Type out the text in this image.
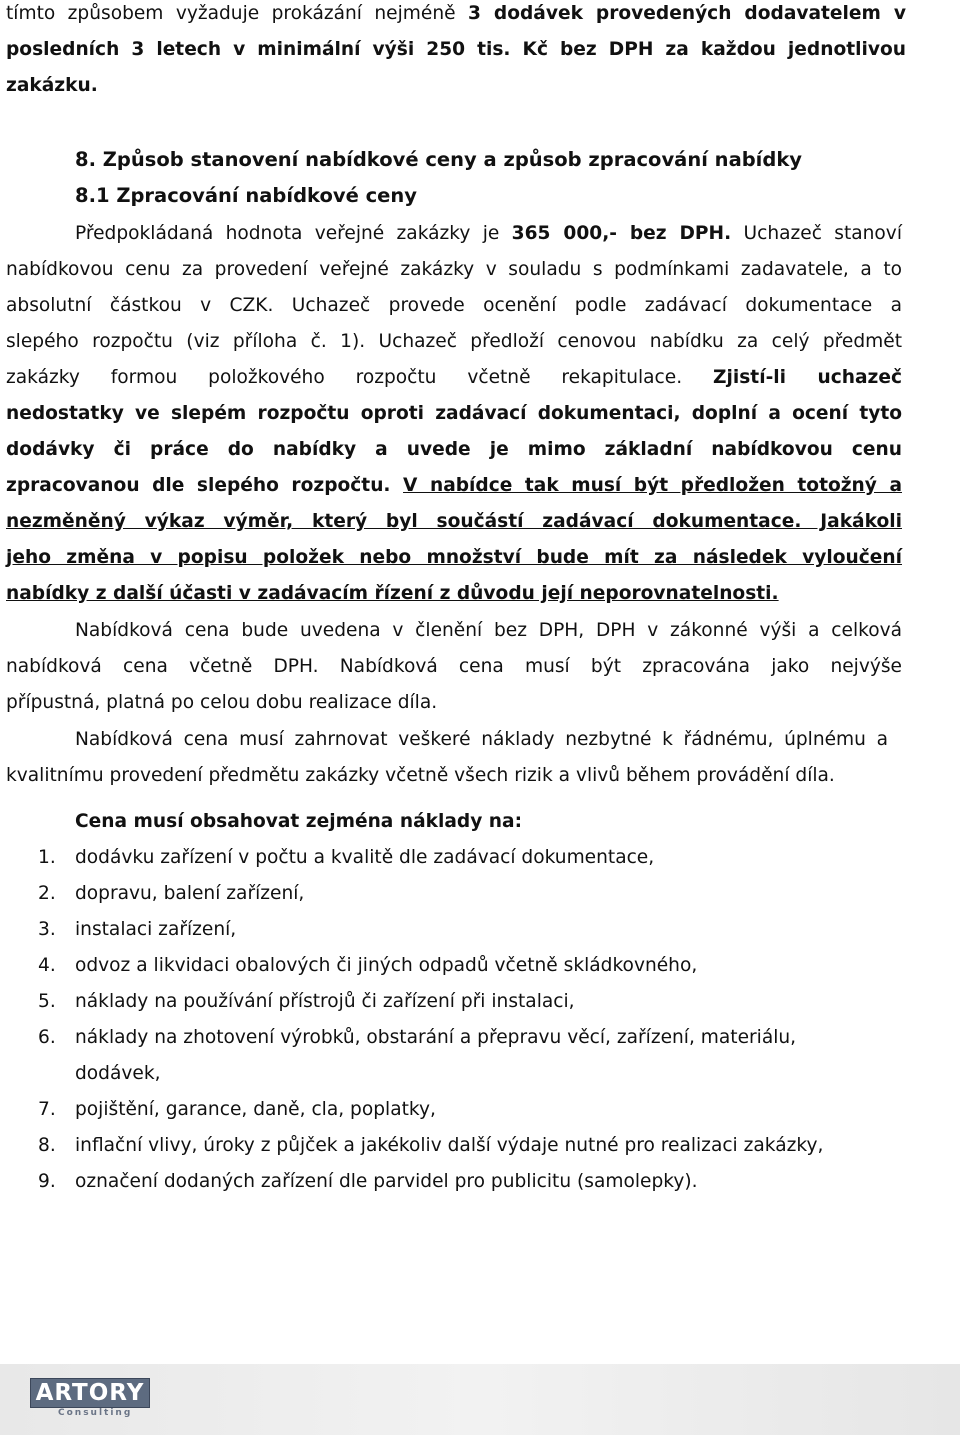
tímto způsobem vyžaduje prokázání nejméně 3 dodávek provedených dodavatelem v

posledních 3 letech v minimální výši 250 tis. Kč bez DPH za každou jednotlivou

zakázku.

8. Způsob stanovení nabídkové ceny a způsob zpracování nabídky
8.1 Zpracování nabídkové ceny

Předpokládaná hodnota veřejné zakázky je 365 000,- bez DPH. Uchazeč stanoví

nabídkovou cenu za provedení veřejné zakázky v souladu s podmínkami zadavatele, a to

absolutní částkou v CZK. Uchazeč provede ocenění podle zadávací dokumentace a

slepého rozpočtu (viz příloha č. 1). Uchazeč předloží cenovou nabídku za celý předmět

zakázky formou položkového rozpočtu včetně rekapitulace. Zjistí-li uchazeč

nedostatky ve slepém rozpočtu oproti zadávací dokumentaci, doplní a ocení tyto

dodávky či práce do nabídky a uvede je mimo základní nabídkovou cenu

zpracovanou dle slepého rozpočtu. V nabídce tak musí být předložen totožný a

nezměněný výkaz výměr, který byl součástí zadávací dokumentace. Jakákoli

jeho změna v popisu položek nebo množství bude mít za následek vyloučení

nabídky z další účasti v zadávacím řízení z důvodu její neporovnatelnosti.

Nabídková cena bude uvedena v členění bez DPH, DPH v zákonné výši a celková

nabídková cena včetně DPH. Nabídková cena musí být zpracována jako nejvýše

přípustná, platná po celou dobu realizace díla.

Nabídková cena musí zahrnovat veškeré náklady nezbytné k řádnému, úplnému a

kvalitnímu provedení předmětu zakázky včetně všech rizik a vlivů během provádění díla.

Cena musí obsahovat zejména náklady na:
1. dodávku zařízení v počtu a kvalitě dle zadávací dokumentace,
2. dopravu, balení zařízení,
3. instalaci zařízení,
4. odvoz a likvidaci obalových či jiných odpadů včetně skládkovného,
5. náklady na používání přístrojů či zařízení při instalaci,
6. náklady na zhotovení výrobků, obstarání a přepravu věcí, zařízení, materiálu,
dodávek,
7. pojištění, garance, daně, cla, poplatky,
8. inflační vlivy, úroky z půjček a jakékoliv další výdaje nutné pro realizaci zakázky,
9. označení dodaných zařízení dle parvidel pro publicitu (samolepky).
ARTORY
Consulting
